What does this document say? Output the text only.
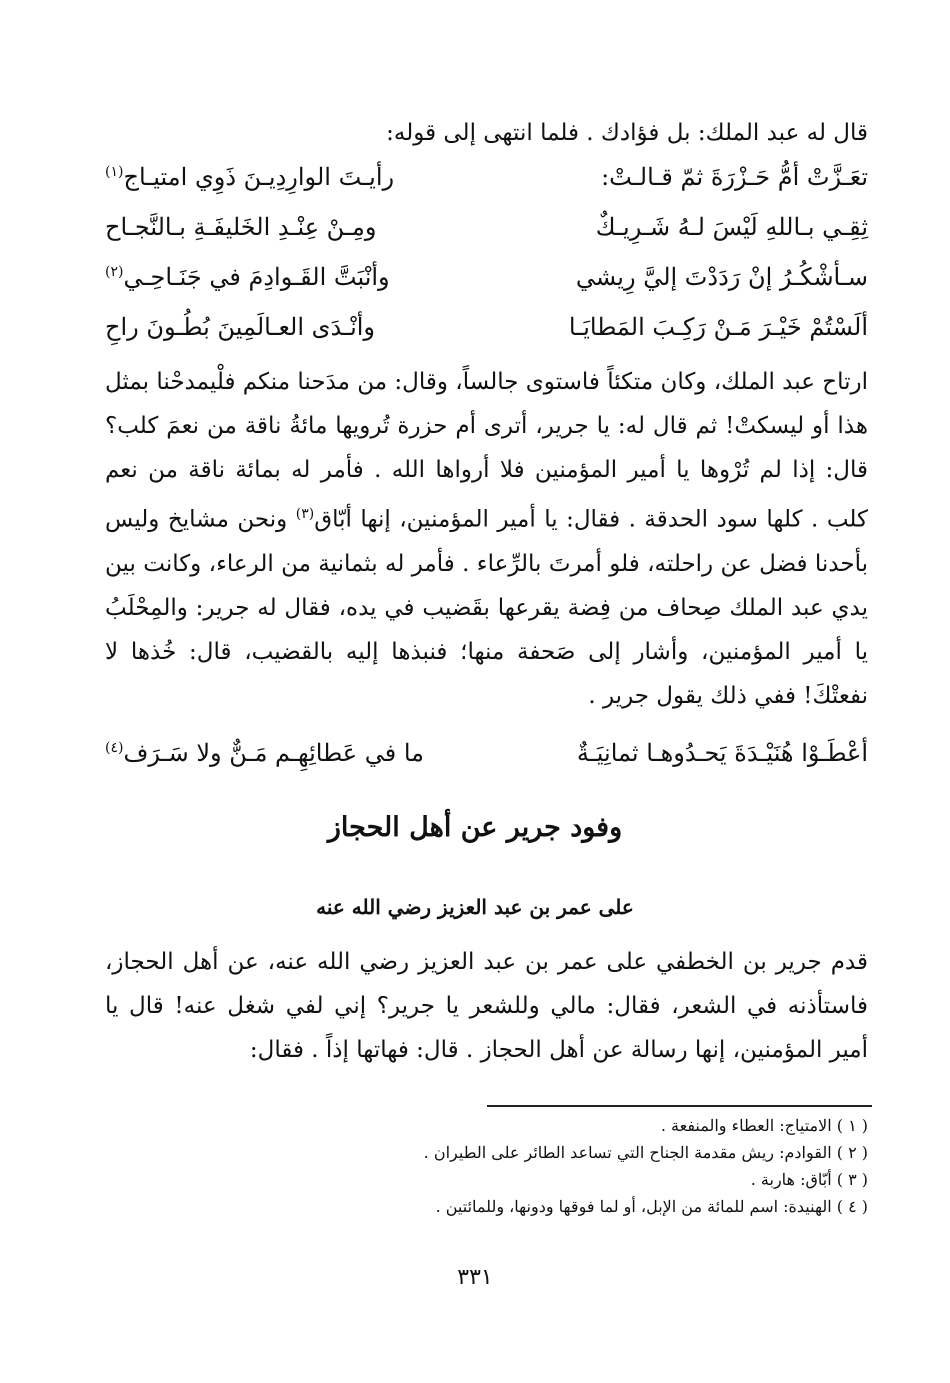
قال له عبد الملك: بل فؤادك . فلما انتهى إلى قوله:
تعَـزَّتْ أمُّ حَـزْرَةَ ثمّ قـالـتْ:
رأيـتَ الوارِدِيـنَ ذَوِي امتيـاج$^{(١)}$
ثِقِـي بـاللهِ لَيْسَ لـهُ شَـرِيـكٌ
ومِـنْ عِنْـدِ الخَليفَـةِ بـالنَّجـاح
سـأشْكُـرُ إنْ رَدَدْتَ إليَّ رِيشي
وأنْبَتَّ القَـوادِمَ في جَنَـاحِـي$^{(٢)}$
ألَسْتُمْ خَيْـرَ مَـنْ رَكِـبَ المَطايَـا
وأنْـدَى العـالَمِينَ بُطُـونَ راحِ
ارتاح عبد الملك، وكان متكئاً فاستوى جالساً، وقال: من مدَحنا منكم فلْيمدحْنا بمثل هذا أو ليسكتْ! ثم قال له: يا جرير، أترى أم حزرة تُرويها مائةُ ناقة من نعمَ كلب؟ قال: إذا لم تُرْوها يا أمير المؤمنين فلا أرواها الله . فأمر له بمائة ناقة من نعم كلب . كلها سود الحدقة . فقال: يا أمير المؤمنين، إنها أبّاق$^{(٣)}$ ونحن مشايخ وليس بأحدنا فضل عن راحلته، فلو أمرتَ بالرِّعاء . فأمر له بثمانية من الرعاء، وكانت بين يدي عبد الملك صِحاف من فِضة يقرعها بقَضيب في يده، فقال له جرير: والمِحْلَبُ يا أمير المؤمنين، وأشار إلى صَحفة منها؛ فنبذها إليه بالقضيب، قال: خُذها لا نفعتْكَ! ففي ذلك يقول جرير .
أعْطَـوْا هُنَيْـدَةَ يَحـدُوهـا ثمانِيَـةٌ
ما في عَطائِهِـم مَـنٌّ ولا سَـرَف$^{(٤)}$
وفود جرير عن أهل الحجاز
على عمر بن عبد العزيز رضي الله عنه
قدم جرير بن الخطفي على عمر بن عبد العزيز رضي الله عنه، عن أهل الحجاز، فاستأذنه في الشعر، فقال: مالي وللشعر يا جرير؟ إني لفي شغل عنه! قال يا أمير المؤمنين، إنها رسالة عن أهل الحجاز . قال: فهاتها إذاً . فقال:
( ١ ) الامتياج: العطاء والمنفعة .
( ٢ ) القوادم: ريش مقدمة الجناح التي تساعد الطائر على الطيران .
( ٣ ) أبّاق: هاربة .
( ٤ ) الهنيدة: اسم للمائة من الإبل، أو لما فوقها ودونها، وللمائتين .
٣٣١
